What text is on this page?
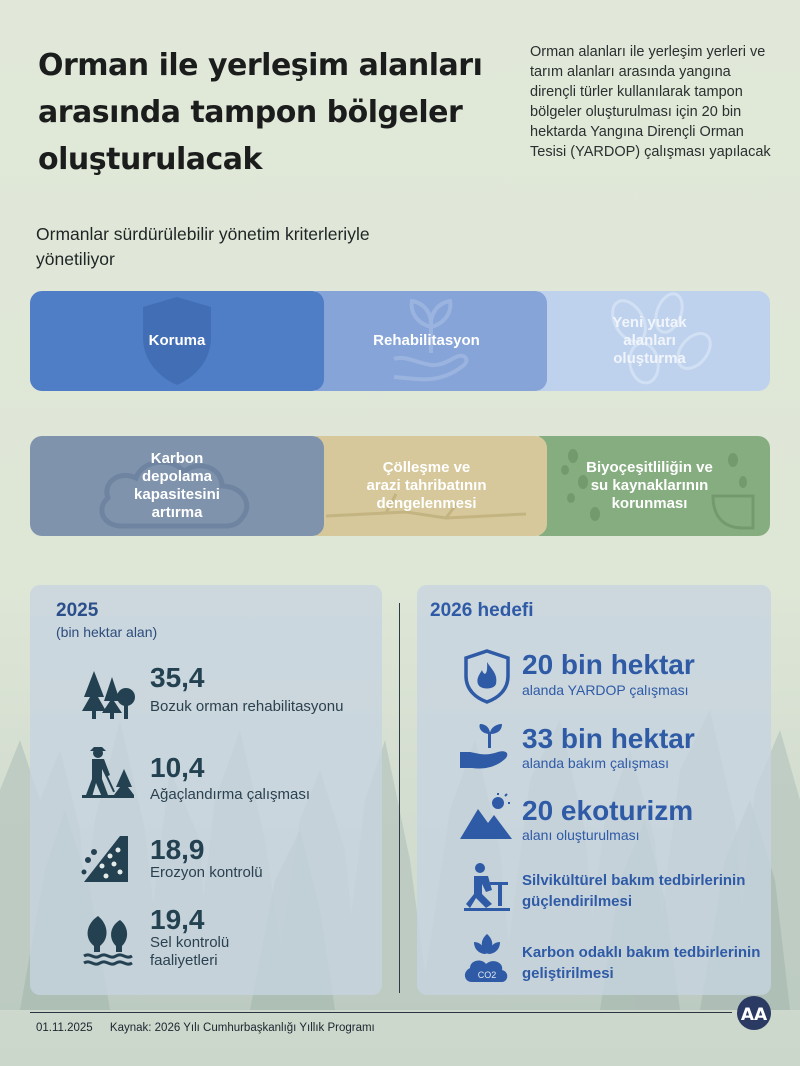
Orman ile yerleşim alanları arasında tampon bölgeler oluşturulacak
Orman alanları ile yerleşim yerleri ve tarım alanları arasında yangına dirençli türler kullanılarak tampon bölgeler oluşturulması için 20 bin hektarda Yangına Dirençli Orman Tesisi (YARDOP) çalışması yapılacak
Ormanlar sürdürülebilir yönetim kriterleriyle yönetiliyor
Koruma	Rehabilitasyon
Yeni yutak alanları oluşturma
Karbon depolama kapasitesini artırma
Çölleşme ve arazi tahribatının dengelenmesi
Biyoçeşitliliğin ve su kaynaklarının korunması
2025
(bin hektar alan)
35,4
Bozuk orman rehabilitasyonu
10,4
Ağaçlandırma çalışması
18,9
Erozyon kontrolü
19,4
Sel kontrolü faaliyetleri
2026 hedefi
20 bin hektar
alanda YARDOP çalışması
33 bin hektar
alanda bakım çalışması
20 ekoturizm
alanı oluşturulması
Silvikültürel bakım tedbirlerinin güçlendirilmesi
CO2
Karbon odaklı bakım tedbirlerinin geliştirilmesi
01.11.2025 Kaynak: 2026 Yılı Cumhurbaşkanlığı Yıllık Programı
AA
